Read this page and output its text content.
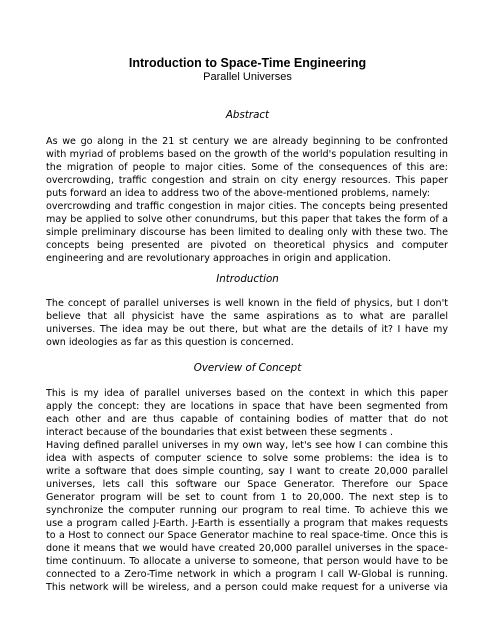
Introduction to Space-Time Engineering
Parallel Universes
Abstract
As we go along in the 21 st century we are already beginning to be confronted
with myriad of problems based on the growth of the world's population resulting in
the migration of people to major cities. Some of the consequences of this are:
overcrowding, traffic congestion and strain on city energy resources. This paper
puts forward an idea to address two of the above-mentioned problems, namely:
overcrowding and traffic congestion in major cities. The concepts being presented
may be applied to solve other conundrums, but this paper that takes the form of a
simple preliminary discourse has been limited to dealing only with these two. The
concepts being presented are pivoted on theoretical physics and computer
engineering and are revolutionary approaches in origin and application.
Introduction
The concept of parallel universes is well known in the field of physics, but I don't
believe that all physicist have the same aspirations as to what are parallel
universes. The idea may be out there, but what are the details of it? I have my
own ideologies as far as this question is concerned.
Overview of Concept
This is my idea of parallel universes based on the context in which this paper
apply the concept: they are locations in space that have been segmented from
each other and are thus capable of containing bodies of matter that do not
interact because of the boundaries that exist between these segments .
Having defined parallel universes in my own way, let's see how I can combine this
idea with aspects of computer science to solve some problems: the idea is to
write a software that does simple counting, say I want to create 20,000 parallel
universes, lets call this software our Space Generator. Therefore our Space
Generator program will be set to count from 1 to 20,000. The next step is to
synchronize the computer running our program to real time. To achieve this we
use a program called J-Earth. J-Earth is essentially a program that makes requests
to a Host to connect our Space Generator machine to real space-time. Once this is
done it means that we would have created 20,000 parallel universes in the space-
time continuum. To allocate a universe to someone, that person would have to be
connected to a Zero-Time network in which a program I call W-Global is running.
This network will be wireless, and a person could make request for a universe via
